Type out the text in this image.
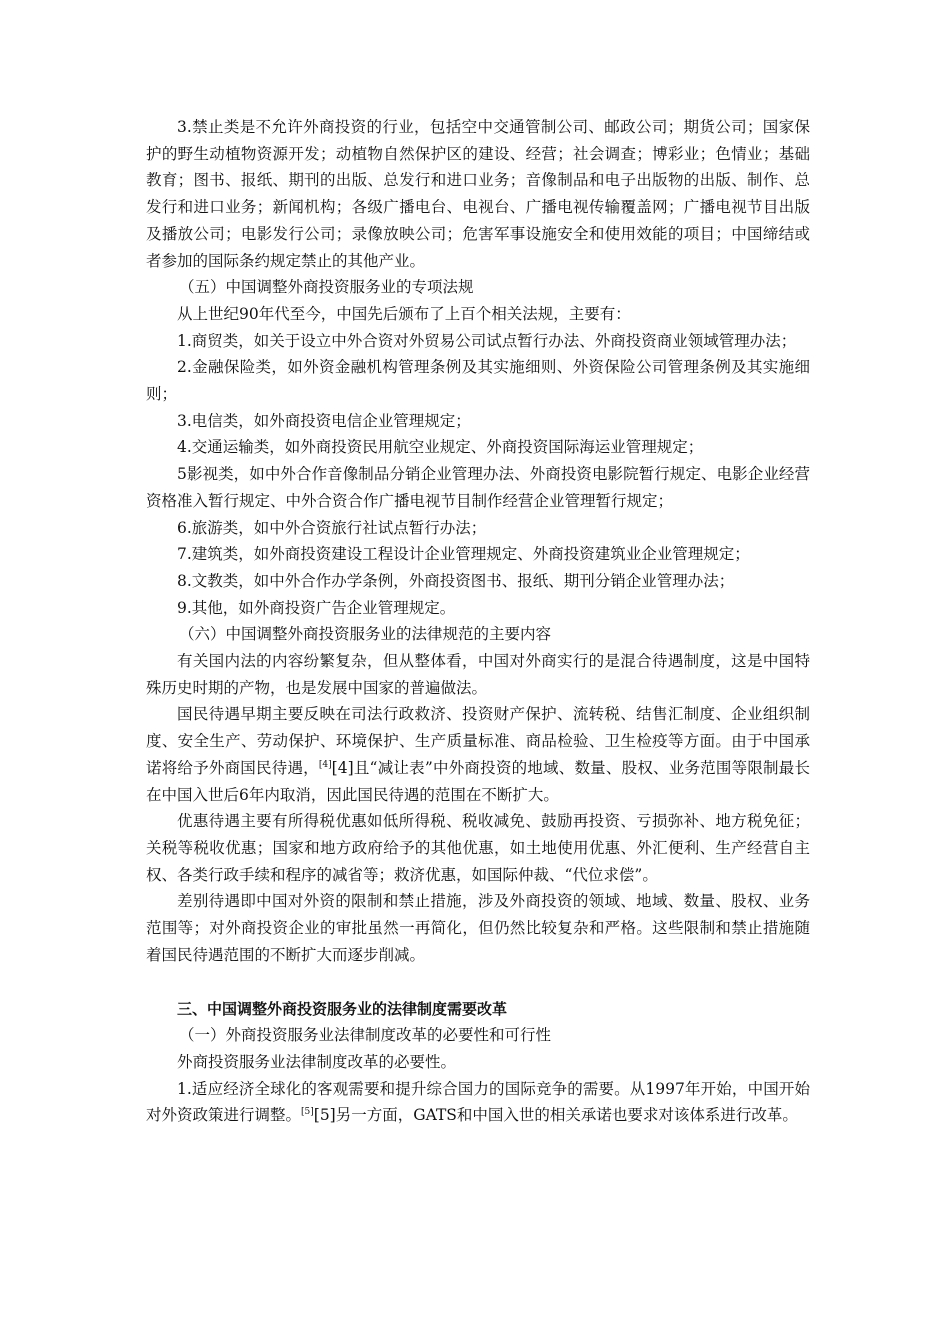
3.禁止类是不允许外商投资的行业，包括空中交通管制公司、邮政公司；期货公司；国家保护的野生动植物资源开发；动植物自然保护区的建设、经营；社会调查；博彩业；色情业；基础教育；图书、报纸、期刊的出版、总发行和进口业务；音像制品和电子出版物的出版、制作、总发行和进口业务；新闻机构；各级广播电台、电视台、广播电视传输覆盖网；广播电视节目出版及播放公司；电影发行公司；录像放映公司；危害军事设施安全和使用效能的项目；中国缔结或者参加的国际条约规定禁止的其他产业。

（五）中国调整外商投资服务业的专项法规

从上世纪90年代至今，中国先后颁布了上百个相关法规，主要有：

1.商贸类，如关于设立中外合资对外贸易公司试点暂行办法、外商投资商业领域管理办法；

2.金融保险类，如外资金融机构管理条例及其实施细则、外资保险公司管理条例及其实施细则；

3.电信类，如外商投资电信企业管理规定；

4.交通运输类，如外商投资民用航空业规定、外商投资国际海运业管理规定；

5影视类，如中外合作音像制品分销企业管理办法、外商投资电影院暂行规定、电影企业经营资格准入暂行规定、中外合资合作广播电视节目制作经营企业管理暂行规定；

6.旅游类，如中外合资旅行社试点暂行办法；

7.建筑类，如外商投资建设工程设计企业管理规定、外商投资建筑业企业管理规定；

8.文教类，如中外合作办学条例，外商投资图书、报纸、期刊分销企业管理办法；

9.其他，如外商投资广告企业管理规定。

（六）中国调整外商投资服务业的法律规范的主要内容

有关国内法的内容纷繁复杂，但从整体看，中国对外商实行的是混合待遇制度，这是中国特殊历史时期的产物，也是发展中国家的普遍做法。

国民待遇早期主要反映在司法行政救济、投资财产保护、流转税、结售汇制度、企业组织制度、安全生产、劳动保护、环境保护、生产质量标准、商品检验、卫生检疫等方面。由于中国承诺将给予外商国民待遇，[4][4]且“减让表”中外商投资的地域、数量、股权、业务范围等限制最长在中国入世后6年内取消，因此国民待遇的范围在不断扩大。

优惠待遇主要有所得税优惠如低所得税、税收减免、鼓励再投资、亏损弥补、地方税免征；关税等税收优惠；国家和地方政府给予的其他优惠，如土地使用优惠、外汇便利、生产经营自主权、各类行政手续和程序的减省等；救济优惠，如国际仲裁、“代位求偿”。

差别待遇即中国对外资的限制和禁止措施，涉及外商投资的领域、地域、数量、股权、业务范围等；对外商投资企业的审批虽然一再简化，但仍然比较复杂和严格。这些限制和禁止措施随着国民待遇范围的不断扩大而逐步削减。

三、中国调整外商投资服务业的法律制度需要改革

（一）外商投资服务业法律制度改革的必要性和可行性

外商投资服务业法律制度改革的必要性。

1.适应经济全球化的客观需要和提升综合国力的国际竞争的需要。从1997年开始，中国开始对外资政策进行调整。[5][5]另一方面，GATS和中国入世的相关承诺也要求对该体系进行改革。
